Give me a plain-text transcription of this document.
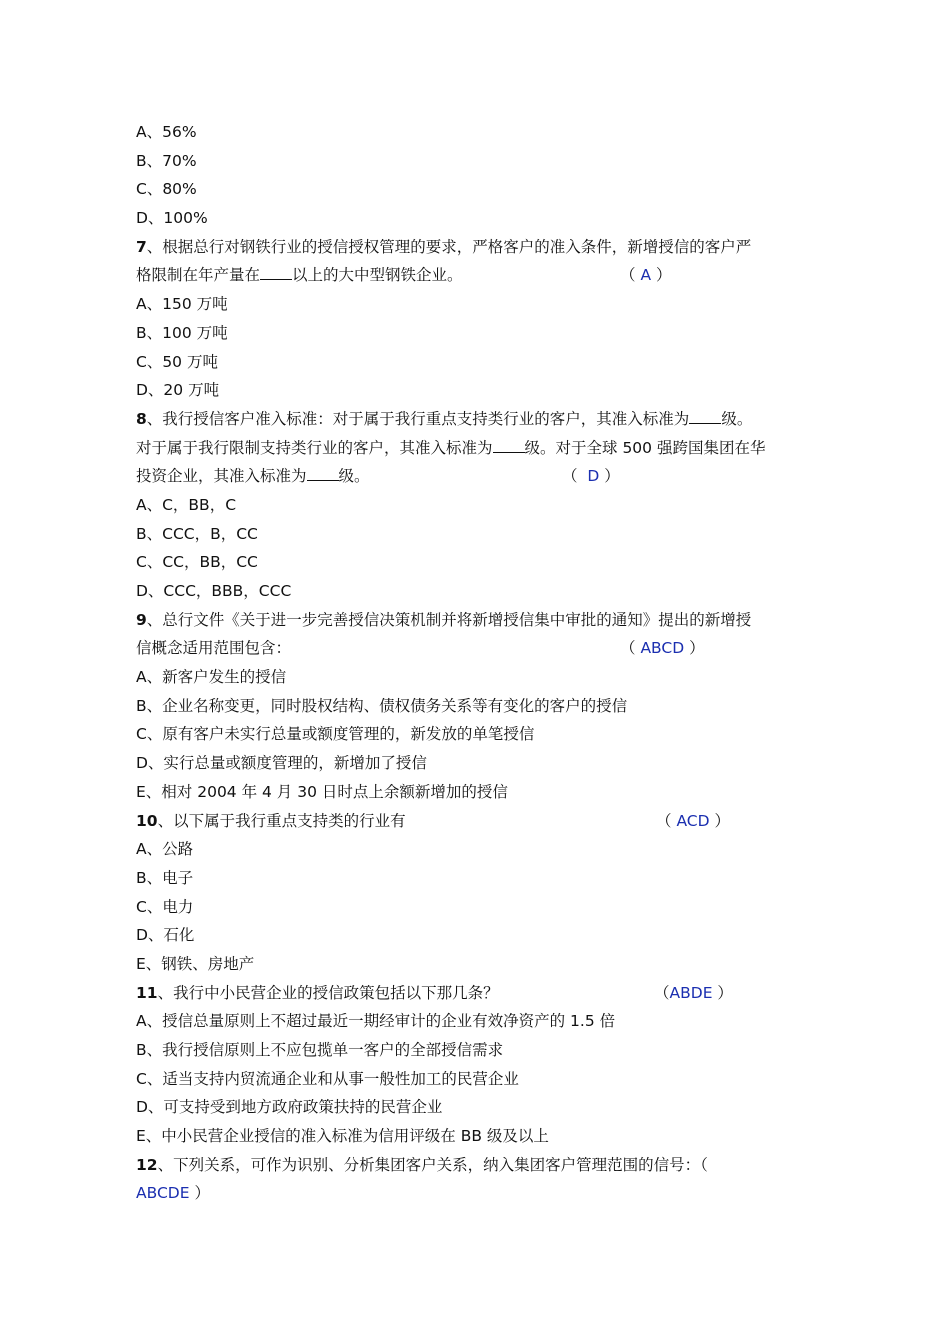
A、56%
B、70%
C、80%
D、100%
7、根据总行对钢铁行业的授信授权管理的要求，严格客户的准入条件，新增授信的客户严
格限制在年产量在 以上的大中型钢铁企业。	（ A ）
A、150 万吨
B、100 万吨
C、50 万吨
D、20 万吨
8、我行授信客户准入标准：对于属于我行重点支持类行业的客户，其准入标准为 级。
对于属于我行限制支持类行业的客户，其准入标准为 级。对于全球 500 强跨国集团在华
投资企业，其准入标准为 级。	（ D ）
A、C，BB，C
B、CCC，B，CC
C、CC，BB，CC
D、CCC，BBB，CCC
9、总行文件《关于进一步完善授信决策机制并将新增授信集中审批的通知》提出的新增授
信概念适用范围包含：	（ ABCD ）
A、新客户发生的授信
B、企业名称变更，同时股权结构、债权债务关系等有变化的客户的授信
C、原有客户未实行总量或额度管理的，新发放的单笔授信
D、实行总量或额度管理的，新增加了授信
E、相对 2004 年 4 月 30 日时点上余额新增加的授信
10、以下属于我行重点支持类的行业有	（ ACD ）
A、公路
B、电子
C、电力
D、石化
E、钢铁、房地产
11、我行中小民营企业的授信政策包括以下那几条？	（ABDE ）
A、授信总量原则上不超过最近一期经审计的企业有效净资产的 1.5 倍
B、我行授信原则上不应包揽单一客户的全部授信需求
C、适当支持内贸流通企业和从事一般性加工的民营企业
D、可支持受到地方政府政策扶持的民营企业
E、中小民营企业授信的准入标准为信用评级在 BB 级及以上
12、下列关系，可作为识别、分析集团客户关系，纳入集团客户管理范围的信号：（
ABCDE ）
